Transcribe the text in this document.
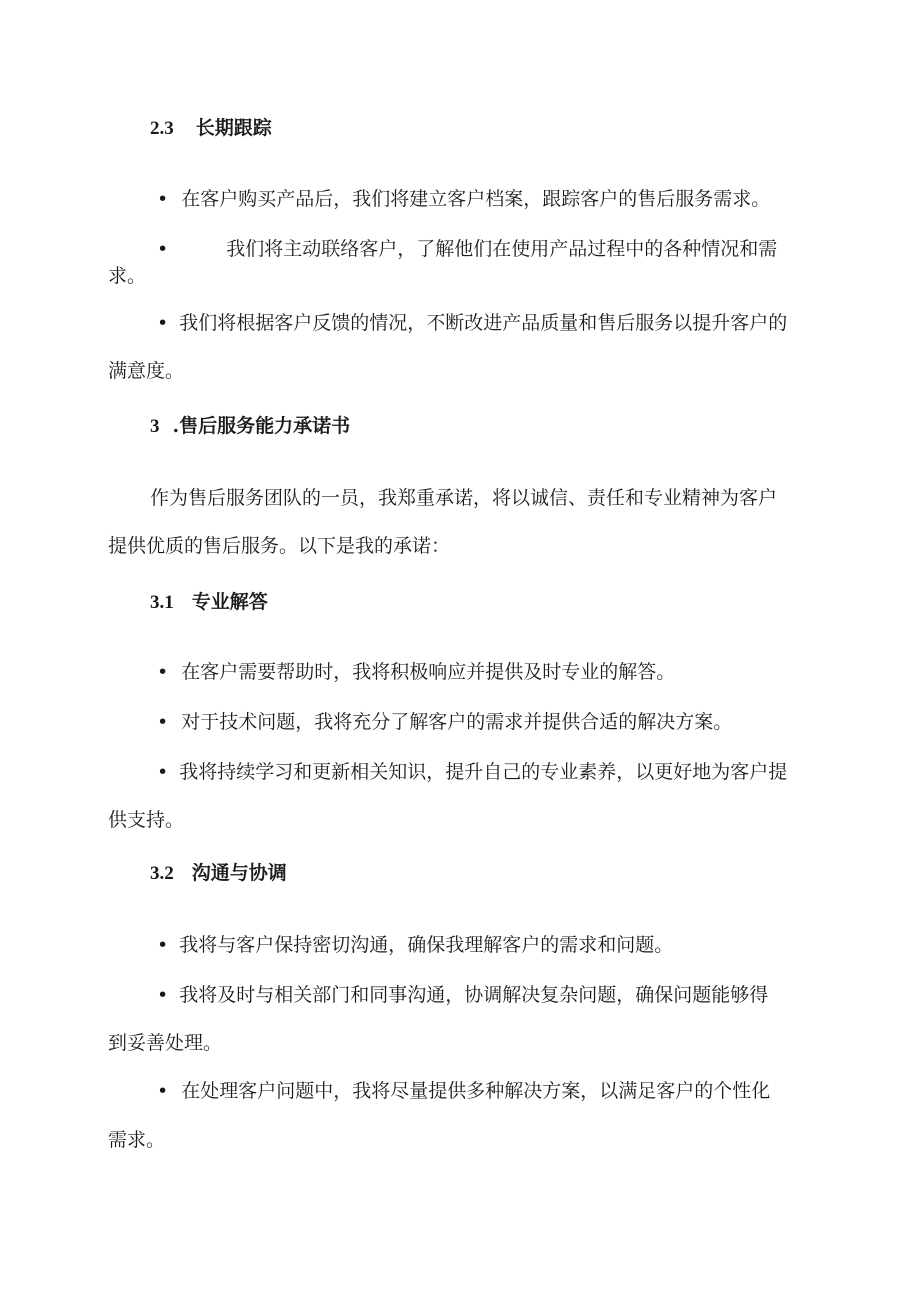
2.3 长期跟踪
• 在客户购买产品后，我们将建立客户档案，跟踪客户的售后服务需求。
•	我们将主动联络客户，了解他们在使用产品过程中的各种情况和需
求。
• 我们将根据客户反馈的情况，不断改进产品质量和售后服务以提升客户的
满意度。
3 .售后服务能力承诺书
作为售后服务团队的一员，我郑重承诺，将以诚信、责任和专业精神为客户
提供优质的售后服务。以下是我的承诺：
3.1 专业解答
• 在客户需要帮助时，我将积极响应并提供及时专业的解答。
• 对于技术问题，我将充分了解客户的需求并提供合适的解决方案。
• 我将持续学习和更新相关知识，提升自己的专业素养，以更好地为客户提
供支持。
3.2 沟通与协调
• 我将与客户保持密切沟通，确保我理解客户的需求和问题。
• 我将及时与相关部门和同事沟通，协调解决复杂问题，确保问题能够得
到妥善处理。
• 在处理客户问题中，我将尽量提供多种解决方案，以满足客户的个性化
需求。
